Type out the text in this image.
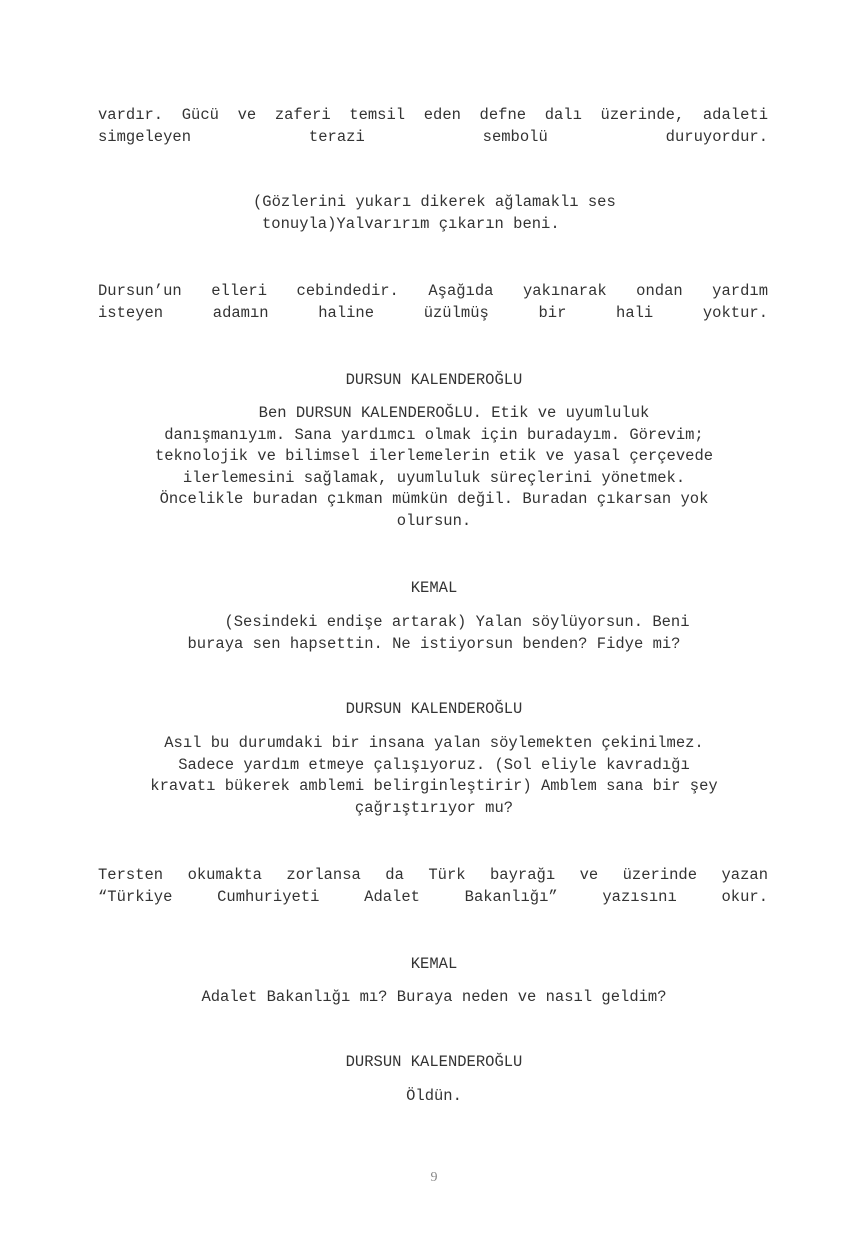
vardır. Gücü ve zaferi temsil eden defne dalı üzerinde, adaleti
simgeleyen terazi sembolü duruyordur.

(Gözlerini yukarı dikerek ağlamaklı ses
tonuyla)Yalvarırım çıkarın beni.

Dursun’un elleri cebindedir. Aşağıda yakınarak ondan yardım
isteyen adamın haline üzülmüş bir hali yoktur.

DURSUN KALENDEROĞLU

Ben DURSUN KALENDEROĞLU. Etik ve uyumluluk
danışmanıyım. Sana yardımcı olmak için buradayım. Görevim;
teknolojik ve bilimsel ilerlemelerin etik ve yasal çerçevede
ilerlemesini sağlamak, uyumluluk süreçlerini yönetmek.
Öncelikle buradan çıkman mümkün değil. Buradan çıkarsan yok
olursun.

KEMAL

(Sesindeki endişe artarak) Yalan söylüyorsun. Beni
buraya sen hapsettin. Ne istiyorsun benden? Fidye mi?

DURSUN KALENDEROĞLU

Asıl bu durumdaki bir insana yalan söylemekten çekinilmez.
Sadece yardım etmeye çalışıyoruz. (Sol eliyle kavradığı
kravatı bükerek amblemi belirginleştirir) Amblem sana bir şey
çağrıştırıyor mu?

Tersten okumakta zorlansa da Türk bayrağı ve üzerinde yazan
“Türkiye Cumhuriyeti Adalet Bakanlığı” yazısını okur.

KEMAL

Adalet Bakanlığı mı? Buraya neden ve nasıl geldim?

DURSUN KALENDEROĞLU

Öldün.

9
